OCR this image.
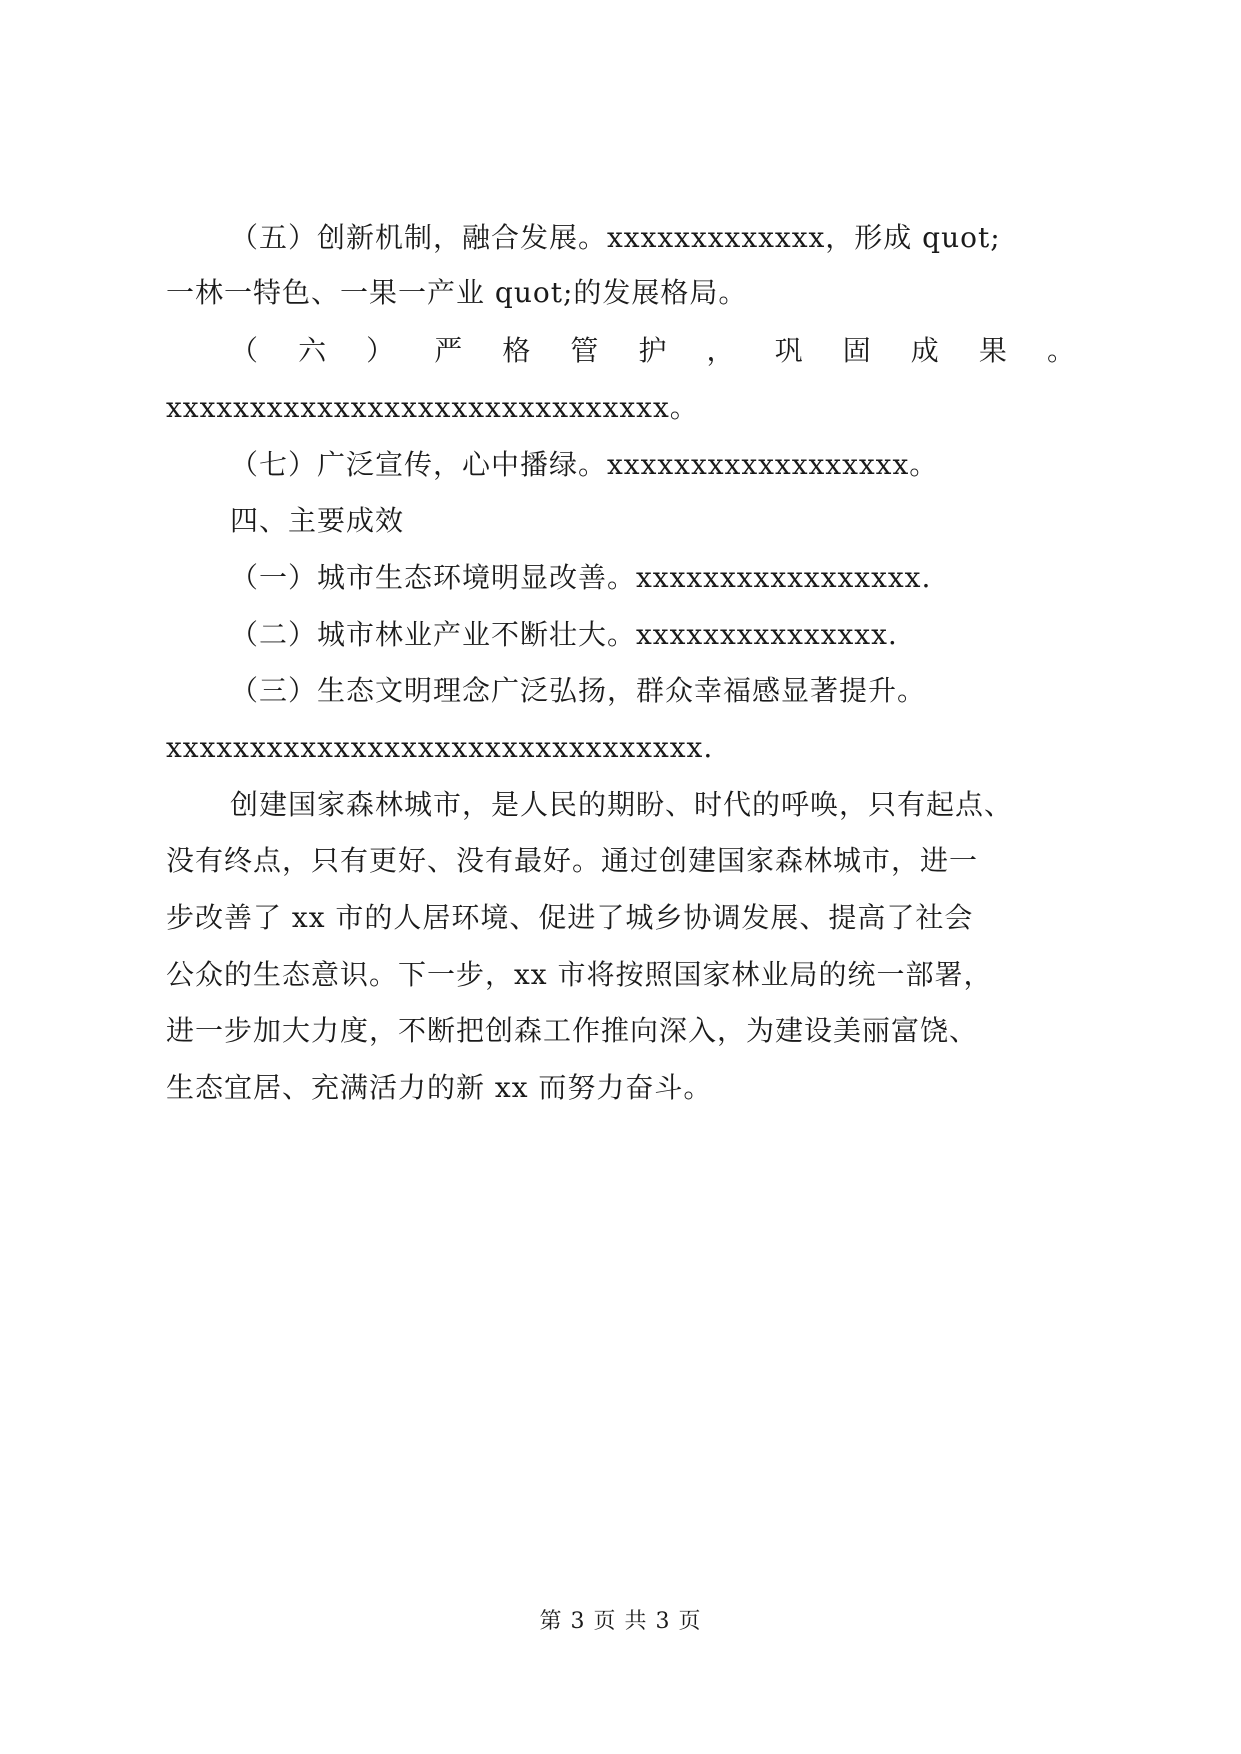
（五）创新机制，融合发展。xxxxxxxxxxxxx，形成 quot;
一林一特色、一果一产业 quot;的发展格局。
（ 六 ） 严 格 管 护 ， 巩 固 成 果 。
xxxxxxxxxxxxxxxxxxxxxxxxxxxxxx。
（七）广泛宣传，心中播绿。xxxxxxxxxxxxxxxxxx。
四、主要成效
（一）城市生态环境明显改善。xxxxxxxxxxxxxxxxx.
（二）城市林业产业不断壮大。xxxxxxxxxxxxxxx.
（三）生态文明理念广泛弘扬，群众幸福感显著提升。
xxxxxxxxxxxxxxxxxxxxxxxxxxxxxxxx.
创建国家森林城市，是人民的期盼、时代的呼唤，只有起点、
没有终点，只有更好、没有最好。通过创建国家森林城市，进一
步改善了 xx 市的人居环境、促进了城乡协调发展、提高了社会
公众的生态意识。下一步，xx 市将按照国家林业局的统一部署，
进一步加大力度，不断把创森工作推向深入，为建设美丽富饶、
生态宜居、充满活力的新 xx 而努力奋斗。
第 3 页 共 3 页
